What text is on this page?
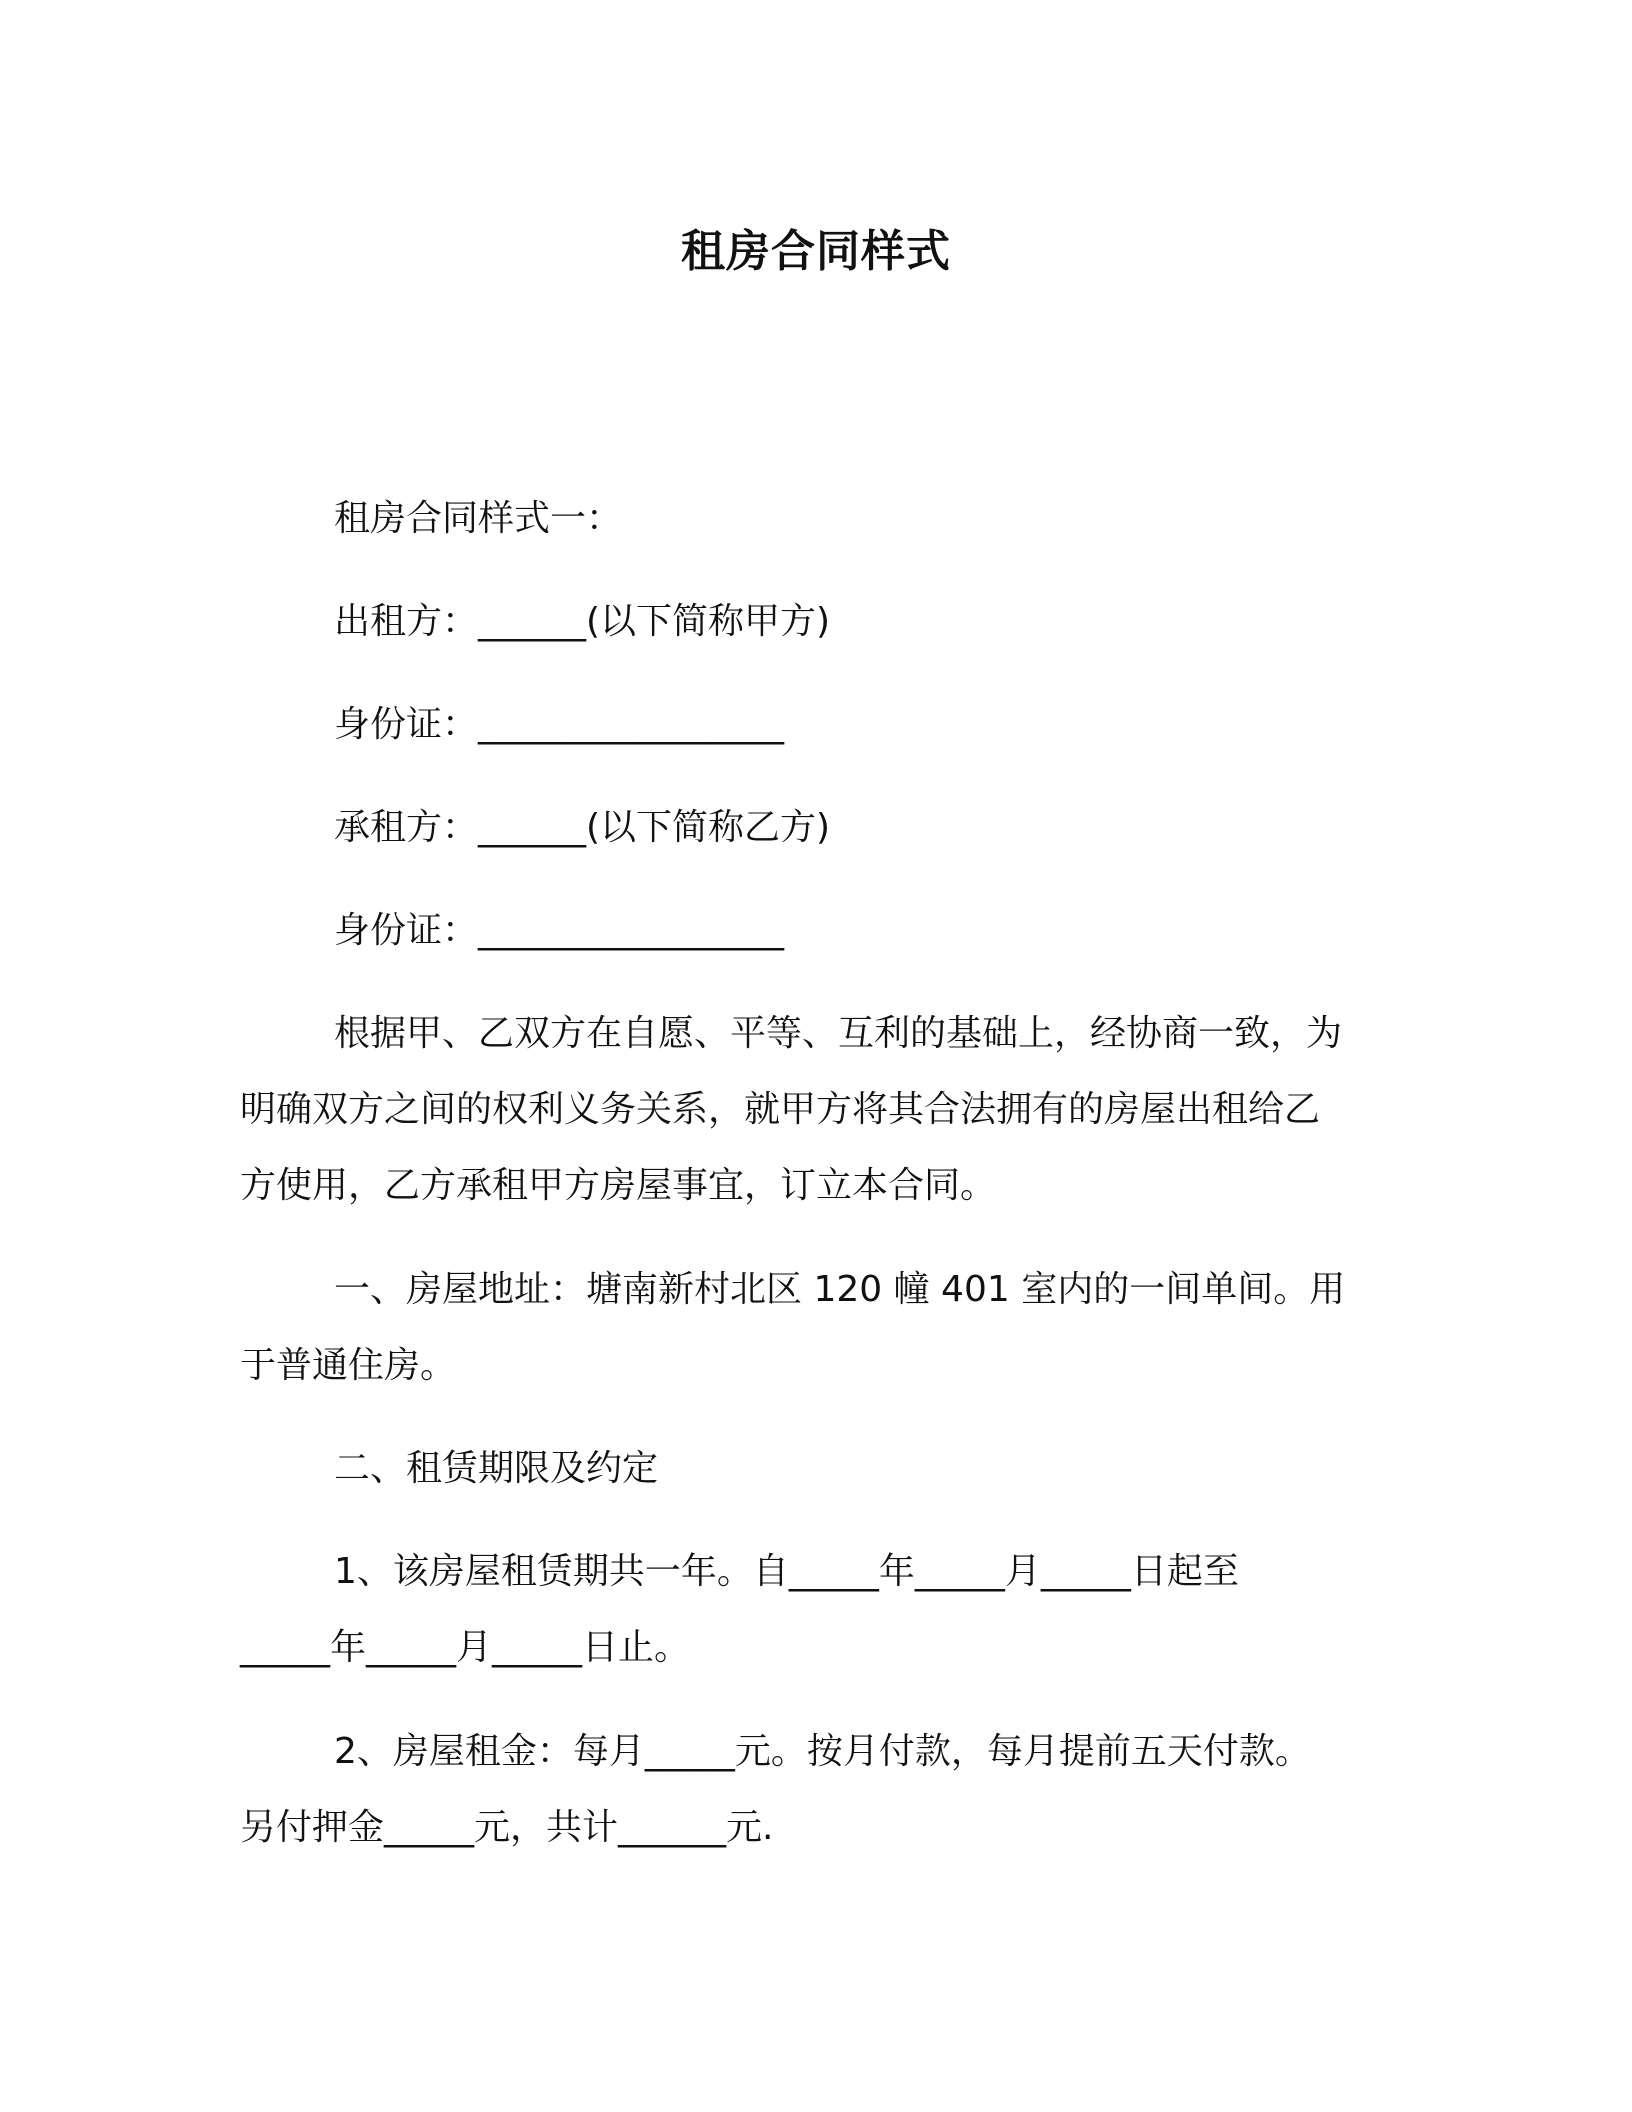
租房合同样式
租房合同样式一：
出租方：______(以下简称甲方)
身份证：_________________
承租方：______(以下简称乙方)
身份证：_________________
根据甲、乙双方在自愿、平等、互利的基础上，经协商一致，为
明确双方之间的权利义务关系，就甲方将其合法拥有的房屋出租给乙
方使用，乙方承租甲方房屋事宜，订立本合同。
一、房屋地址：塘南新村北区 120 幢 401 室内的一间单间。用
于普通住房。
二、租赁期限及约定
1、该房屋租赁期共一年。自_____年_____月_____日起至
_____年_____月_____日止。
2、房屋租金：每月_____元。按月付款，每月提前五天付款。
另付押金_____元，共计______元.
